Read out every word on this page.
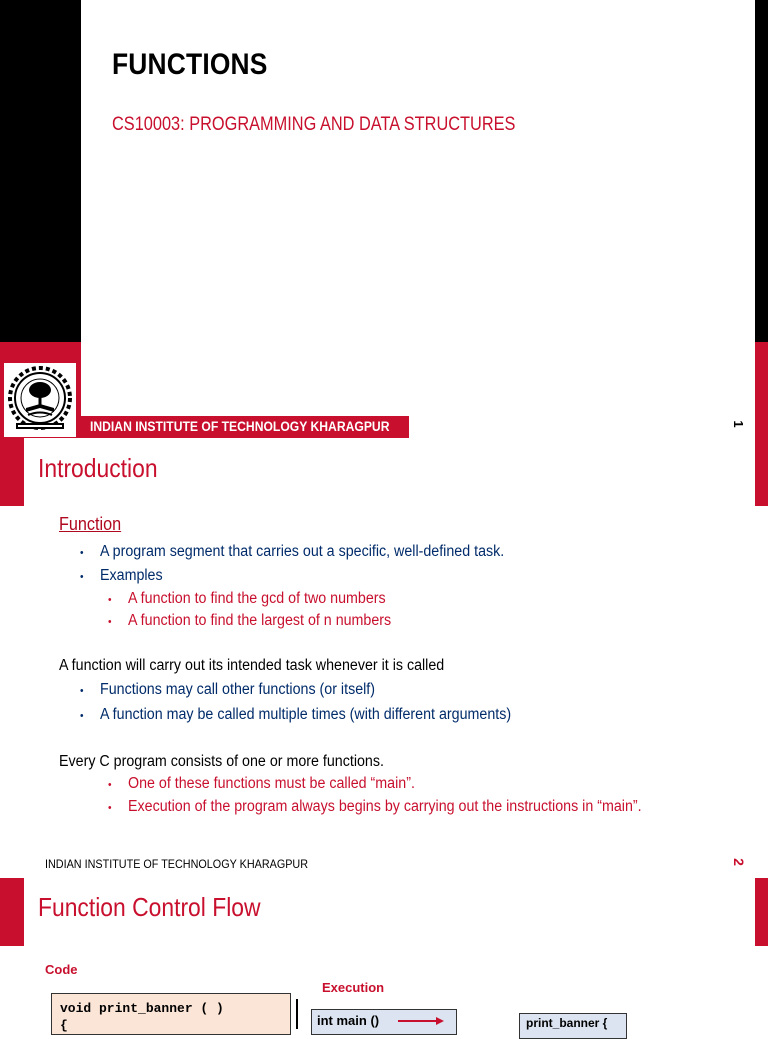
FUNCTIONS
CS10003: PROGRAMMING AND DATA STRUCTURES
INDIAN INSTITUTE OF TECHNOLOGY KHARAGPUR	1
Introduction
Function
• A program segment that carries out a specific, well-defined task.
• Examples
• A function to find the gcd of two numbers
• A function to find the largest of n numbers
A function will carry out its intended task whenever it is called
• Functions may call other functions (or itself)
• A function may be called multiple times (with different arguments)
Every C program consists of one or more functions.
• One of these functions must be called “main”.
• Execution of the program always begins by carrying out the instructions in “main”.
INDIAN INSTITUTE OF TECHNOLOGY KHARAGPUR	2
Function Control Flow
Code
Execution
void print_banner ( )
{	int main ()	print_banner {
